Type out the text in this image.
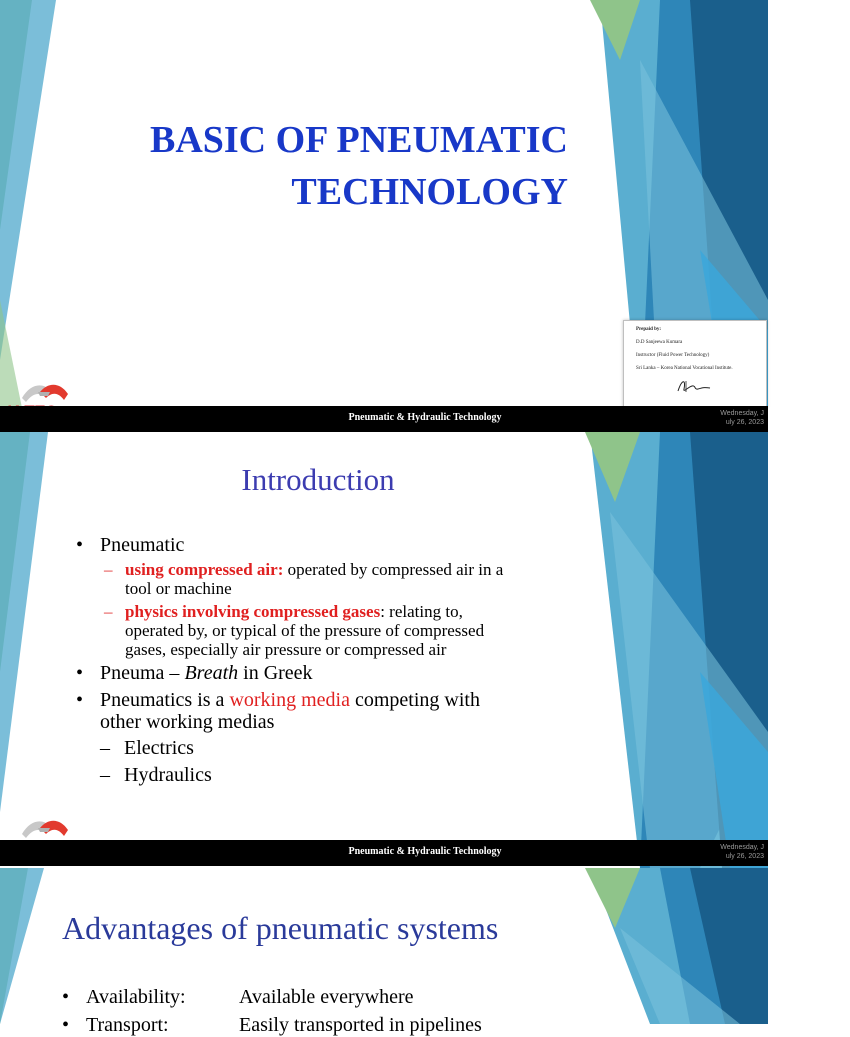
BASIC OF PNEUMATIC TECHNOLOGY
Prepaid by:
D.D Sanjeewa Kumara
Instructor (Fluid Power Technology)
Sri Lanka – Korea National Vocational Institute.
Pneumatic & Hydraulic Technology	Wednesday, J
uly 26, 2023
Introduction
• Pneumatic
– using compressed air: operated by compressed air in a
tool or machine
– physics involving compressed gases: relating to,
operated by, or typical of the pressure of compressed
gases, especially air pressure or compressed air
• Pneuma – Breath in Greek
• Pneumatics is a working media competing with
other working medias
– Electrics
– Hydraulics
Pneumatic & Hydraulic Technology	Wednesday, J
uly 26, 2023
Advantages of pneumatic systems
• Availability:	Available everywhere
• Transport:	Easily transported in pipelines
